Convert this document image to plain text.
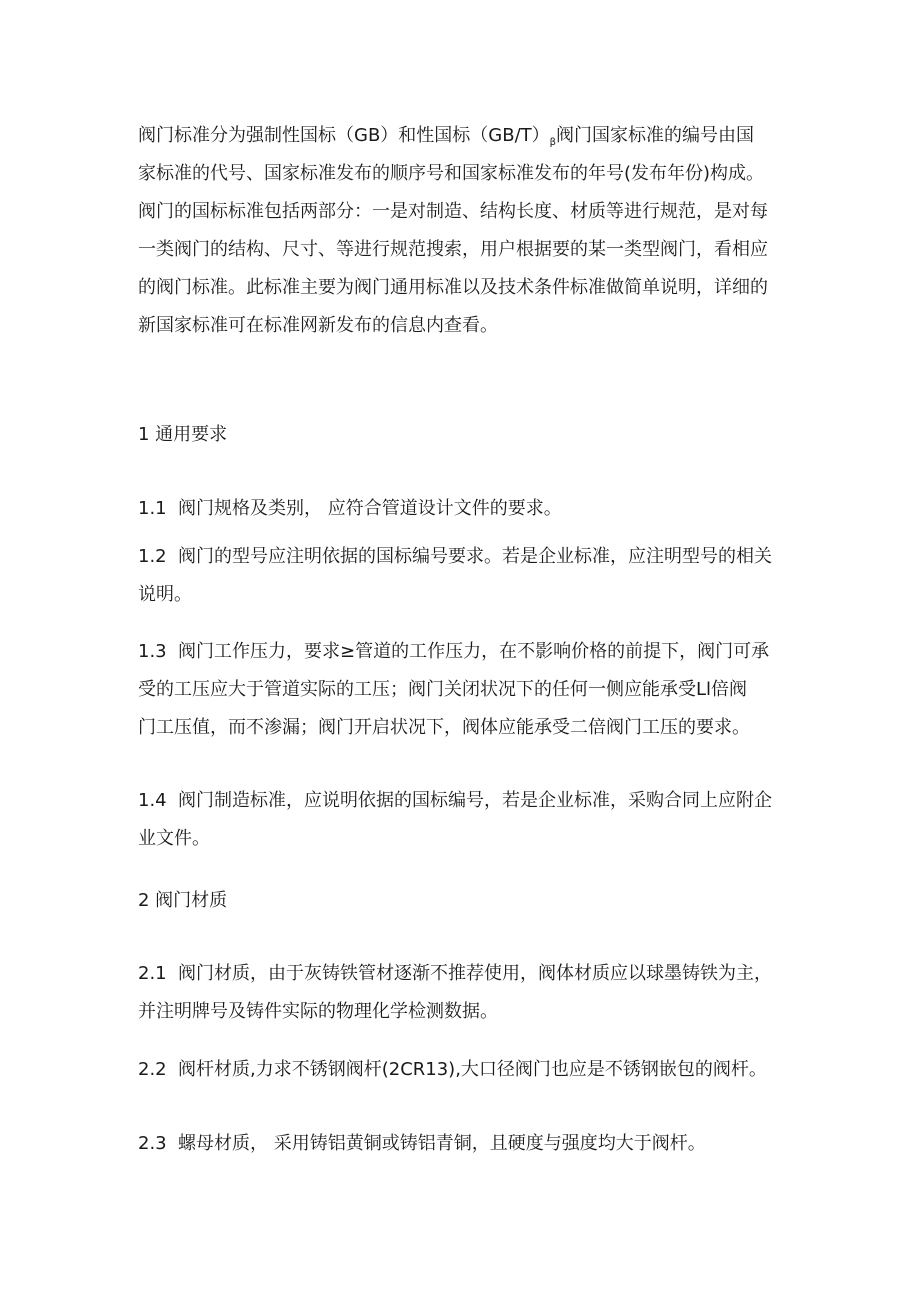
阀门标准分为强制性国标（GB）和性国标$(GB/T)_\beta$阀门国家标准的编号由国
家标准的代号、国家标准发布的顺序号和国家标准发布的年号(发布年份)构成。
阀门的国标标准包括两部分：一是对制造、结构长度、材质等进行规范，是对每
一类阀门的结构、尺寸、等进行规范搜索，用户根据要的某一类型阀门，看相应
的阀门标准。此标准主要为阀门通用标准以及技术条件标准做简单说明，详细的
新国家标准可在标准网新发布的信息内查看。
1 通用要求
1.1 阀门规格及类别， 应符合管道设计文件的要求。
1.2 阀门的型号应注明依据的国标编号要求。若是企业标准，应注明型号的相关
说明。
1.3 阀门工作压力，要求≥管道的工作压力，在不影响价格的前提下，阀门可承
受的工压应大于管道实际的工压；阀门关闭状况下的任何一侧应能承受Ll倍阀
门工压值，而不渗漏；阀门开启状况下，阀体应能承受二倍阀门工压的要求。
1.4 阀门制造标准，应说明依据的国标编号，若是企业标准，采购合同上应附企
业文件。
2 阀门材质
2.1 阀门材质，由于灰铸铁管材逐渐不推荐使用，阀体材质应以球墨铸铁为主，
并注明牌号及铸件实际的物理化学检测数据。
2.2 阀杆材质,力求不锈钢阀杆(2CR13),大口径阀门也应是不锈钢嵌包的阀杆。
2.3 螺母材质， 采用铸铝黄铜或铸铝青铜，且硬度与强度均大于阀杆。
